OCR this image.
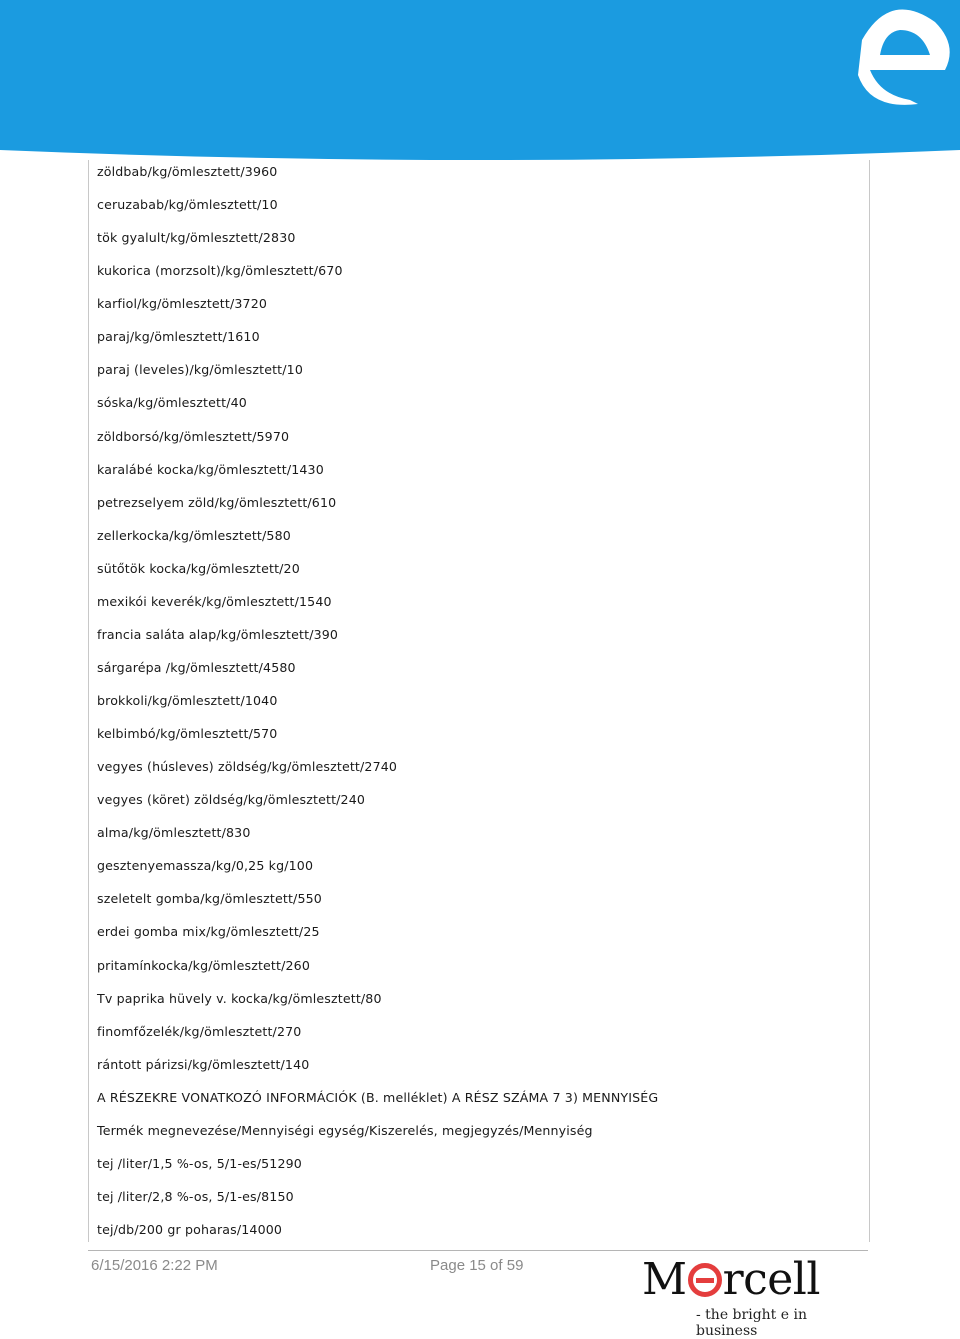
zöldbab/kg/ömlesztett/3960
ceruzabab/kg/ömlesztett/10
tök gyalult/kg/ömlesztett/2830
kukorica (morzsolt)/kg/ömlesztett/670
karfiol/kg/ömlesztett/3720
paraj/kg/ömlesztett/1610
paraj (leveles)/kg/ömlesztett/10
sóska/kg/ömlesztett/40
zöldborsó/kg/ömlesztett/5970
karalábé kocka/kg/ömlesztett/1430
petrezselyem zöld/kg/ömlesztett/610
zellerkocka/kg/ömlesztett/580
sütőtök kocka/kg/ömlesztett/20
mexikói keverék/kg/ömlesztett/1540
francia saláta alap/kg/ömlesztett/390
sárgarépa /kg/ömlesztett/4580
brokkoli/kg/ömlesztett/1040
kelbimbó/kg/ömlesztett/570
vegyes (húsleves) zöldség/kg/ömlesztett/2740
vegyes (köret) zöldség/kg/ömlesztett/240
alma/kg/ömlesztett/830
gesztenyemassza/kg/0,25 kg/100
szeletelt gomba/kg/ömlesztett/550
erdei gomba mix/kg/ömlesztett/25
pritamínkocka/kg/ömlesztett/260
Tv paprika hüvely v. kocka/kg/ömlesztett/80
finomfőzelék/kg/ömlesztett/270
rántott párizsi/kg/ömlesztett/140
A RÉSZEKRE VONATKOZÓ INFORMÁCIÓK (B. melléklet) A RÉSZ SZÁMA 7 3) MENNYISÉG
Termék megnevezése/Mennyiségi egység/Kiszerelés, megjegyzés/Mennyiség
tej /liter/1,5 %-os, 5/1-es/51290
tej /liter/2,8 %-os, 5/1-es/8150
tej/db/200 gr poharas/14000
6/15/2016 2:22 PM	Page 15 of 59	M rcell
- the bright e in business
